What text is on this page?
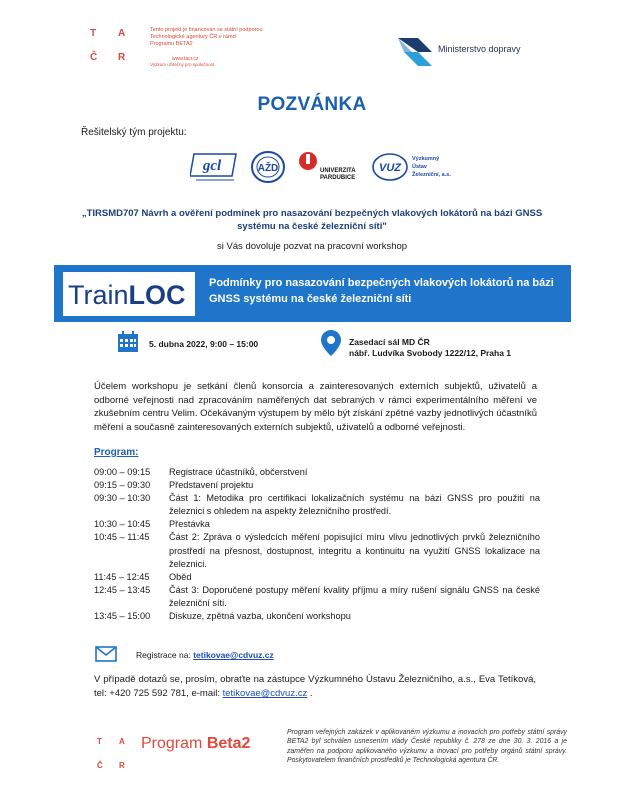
T A
Č R
Tento projekt je financován se státní podporou
Technologické agentury ČR v rámci
Programu BETA2
www.tacr.cz
Výzkum užitečný pro společnost
Ministerstvo dopravy
POZVÁNKA
Řešitelský tým projektu:
gcl	AŽD	UNIVERZITA
PARDUBICE
VUZ
Výzkumný
Ústav
Železniční, a.s.
„TIRSMD707 Návrh a ověření podmínek pro nasazování bezpečných vlakových lokátorů na bázi GNSS systému na české železniční síti"
si Vás dovoluje pozvat na pracovní workshop
TrainLOC Podmínky pro nasazování bezpečných vlakových lokátorů na bázi GNSS systému na české železniční síti
5. dubna 2022, 9:00 – 15:00	Zasedací sál MD ČR
nábř. Ludvíka Svobody 1222/12, Praha 1
Účelem workshopu je setkání členů konsorcia a zainteresovaných externích subjektů, uživatelů a odborné veřejnosti nad zpracováním naměřených dat sebraných v rámci experimentálního měření ve zkušebním centru Velim. Očekávaným výstupem by mělo být získání zpětné vazby jednotlivých účastníků měření a současně zainteresovaných externích subjektů, uživatelů a odborné veřejnosti.
Program:
09:00 – 09:15	Registrace účastníků, občerstvení
09:15 – 09:30	Představení projektu
09:30 – 10:30	Část 1: Metodika pro certifikaci lokalizačních systému na bázi GNSS pro použití na železnici s ohledem na aspekty železničního prostředí.
10:30 – 10:45	Přestávka
10:45 – 11:45	Část 2: Zpráva o výsledcích měření popisující míru vlivu jednotlivých prvků železničního prostředí na přesnost, dostupnost, integritu a kontinuitu na využití GNSS lokalizace na železnici.
11:45 – 12:45	Oběd
12:45 – 13:45	Část 3: Doporučené postupy měření kvality příjmu a míry rušení signálu GNSS na české železniční síti.
13:45 – 15:00	Diskuze, zpětná vazba, ukončení workshopu
Registrace na: tetikovae@cdvuz.cz
V případě dotazů se, prosím, obraťte na zástupce Výzkumného Ústavu Železničního, a.s., Eva Tetíková, tel: +420 725 592 781, e-mail: tetikovae@cdvuz.cz .
T A
Č R
Program Beta2
Program veřejných zakázek v aplikovaném výzkumu a inovacích pro potřeby státní správy BETA2 byl schválen usnesením vlády České republiky č. 278 ze dne 30. 3. 2016 a je zaměřen na podporu aplikovaného výzkumu a inovací pro potřeby orgánů státní správy. Poskytovatelem finančních prostředků je Technologická agentura ČR.
